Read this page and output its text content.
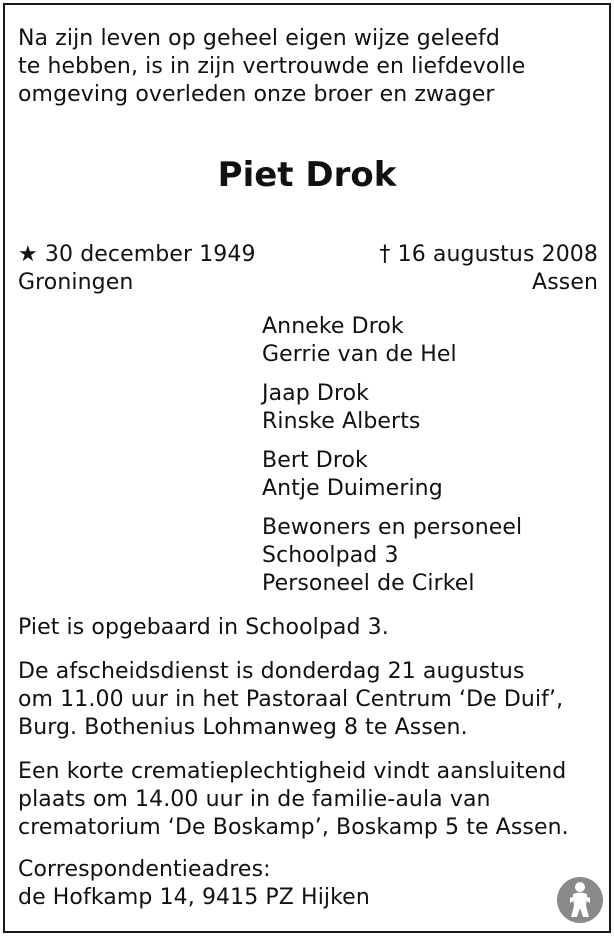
Na zijn leven op geheel eigen wijze geleefd
te hebben, is in zijn vertrouwde en liefdevolle
omgeving overleden onze broer en zwager
Piet Drok
★ 30 december 1949
Groningen
† 16 augustus 2008
Assen
Anneke Drok
Gerrie van de Hel
Jaap Drok
Rinske Alberts
Bert Drok
Antje Duimering
Bewoners en personeel
Schoolpad 3
Personeel de Cirkel
Piet is opgebaard in Schoolpad 3.
De afscheidsdienst is donderdag 21 augustus
om 11.00 uur in het Pastoraal Centrum ‘De Duif’,
Burg. Bothenius Lohmanweg 8 te Assen.
Een korte crematieplechtigheid vindt aansluitend
plaats om 14.00 uur in de familie-aula van
crematorium ‘De Boskamp’, Boskamp 5 te Assen.
Correspondentieadres:
de Hofkamp 14, 9415 PZ Hijken
